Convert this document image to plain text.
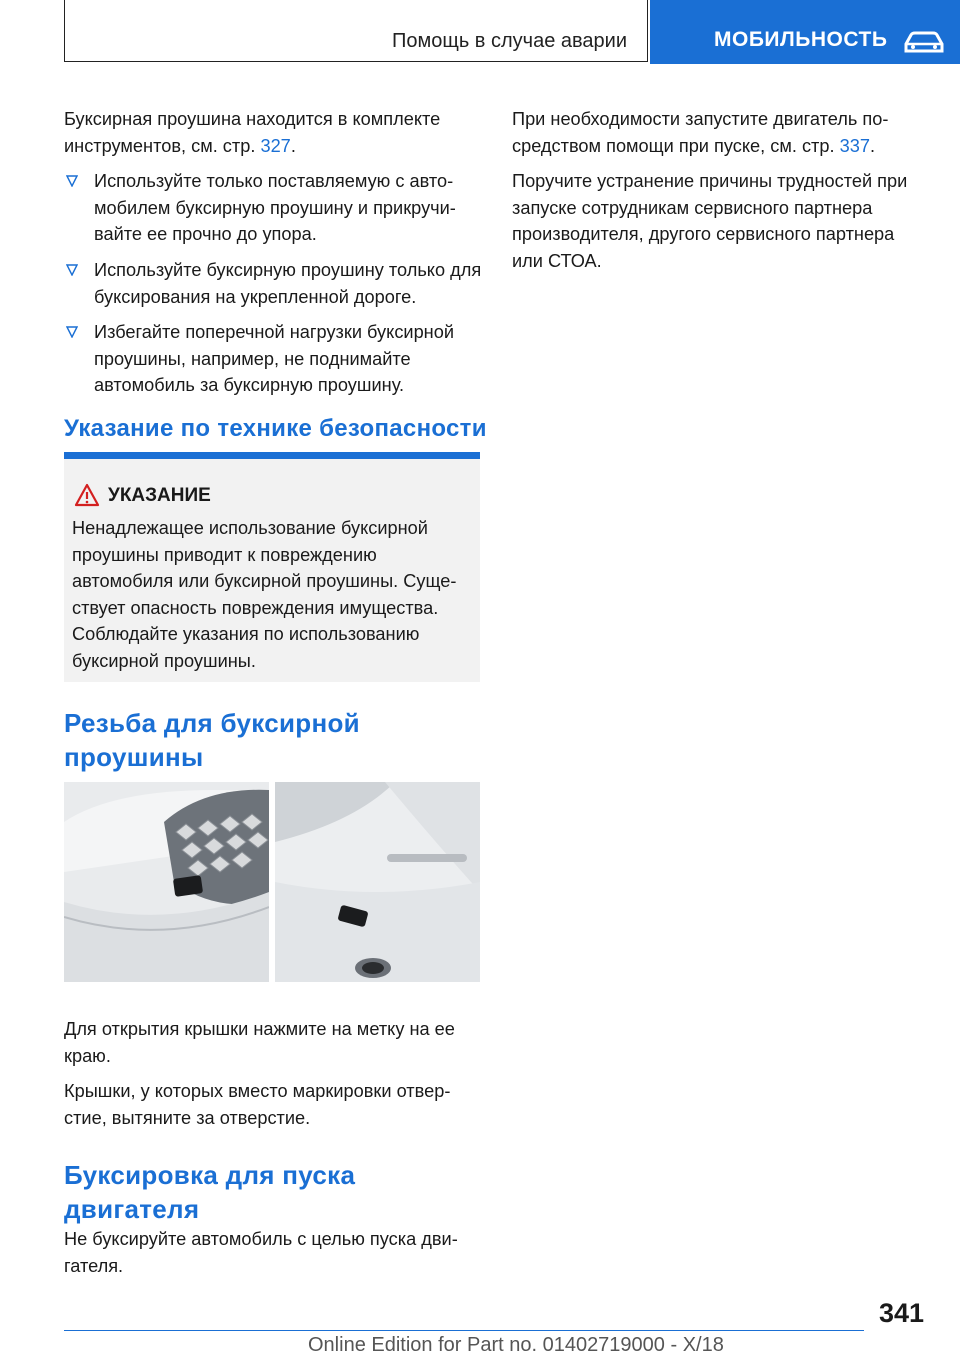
Помощь в случае аварии	МОБИЛЬНОСТЬ

Буксирная проушина находится в комплекте инструментов, см. стр. 327.

Используйте только поставляемую с автомобилем буксирную проушину и прикручивайте ее прочно до упора.
Используйте буксирную проушину только для буксирования на укрепленной дороге.
Избегайте поперечной нагрузки буксирной проушины, например, не поднимайте автомобиль за буксирную проушину.
Указание по технике безопасности
УКАЗАНИЕ
Ненадлежащее использование буксирной проушины приводит к повреждению автомобиля или буксирной проушины. Существует опасность повреждения имущества. Соблюдайте указания по использованию буксирной проушины.
Резьба для буксирной
проушины

Для открытия крышки нажмите на метку на ее краю.

Крышки, у которых вместо маркировки отверстие, вытяните за отверстие.

Буксировка для пуска
двигателя

Не буксируйте автомобиль с целью пуска двигателя.

При необходимости запустите двигатель посредством помощи при пуске, см. стр. 337.

Поручите устранение причины трудностей при запуске сотрудникам сервисного партнера производителя, другого сервисного партнера или СТОА.

341
Online Edition for Part no. 01402719000 - X/18
